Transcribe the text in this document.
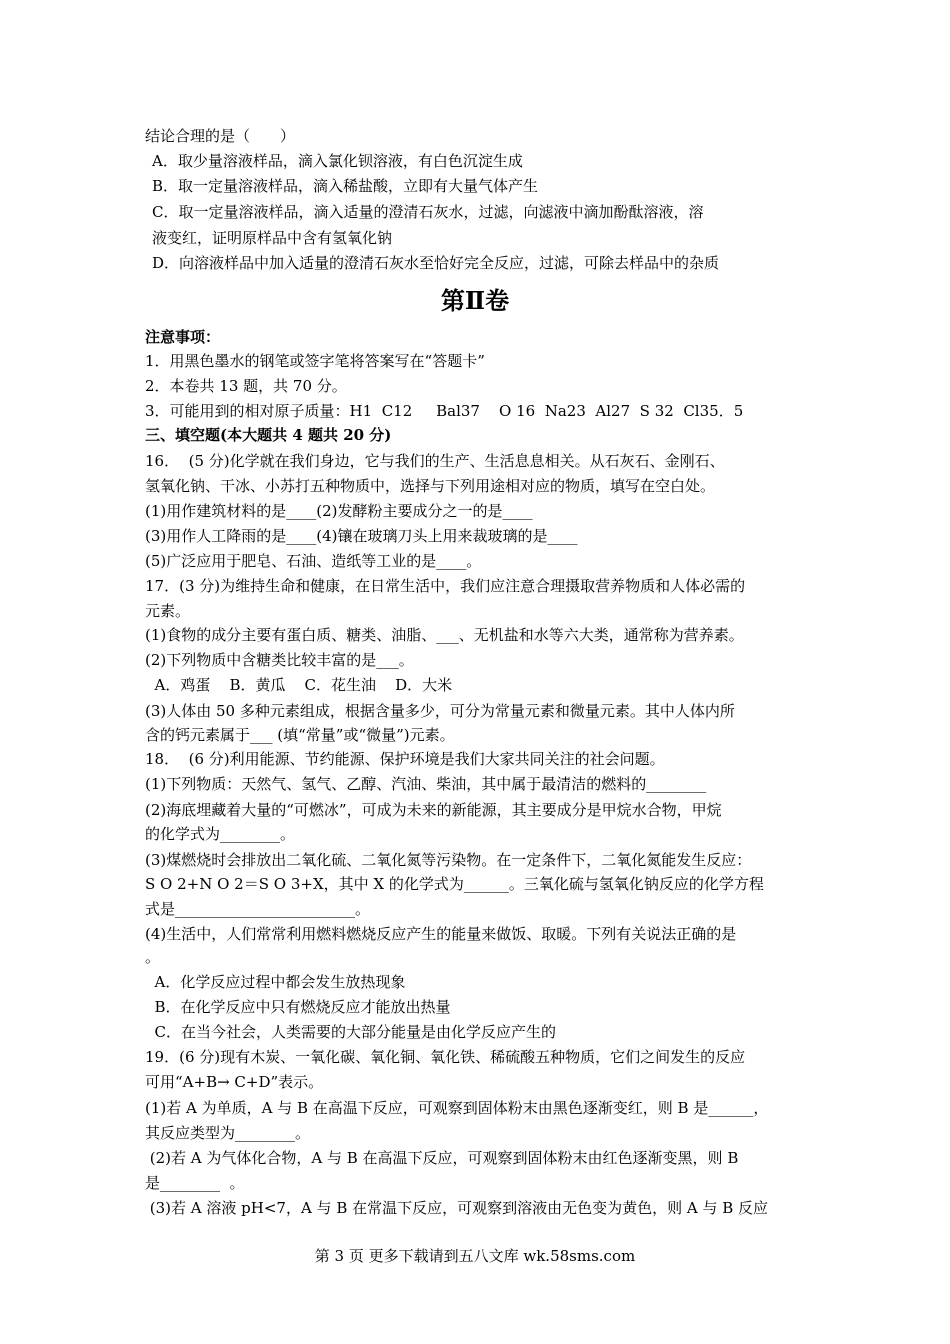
结论合理的是（　　）
A．取少量溶液样品，滴入氯化钡溶液，有白色沉淀生成
B．取一定量溶液样品，滴入稀盐酸，立即有大量气体产生
C．取一定量溶液样品，滴入适量的澄清石灰水，过滤，向滤液中滴加酚酞溶液，溶
液变红，证明原样品中含有氢氧化钠
D．向溶液样品中加入适量的澄清石灰水至恰好完全反应，过滤，可除去样品中的杂质
第Ⅱ卷
注意事项：
1．用黑色墨水的钢笔或签字笔将答案写在“答题卡”
2．本卷共 13 题，共 70 分。
3．可能用到的相对原子质量：H1  C12     Bal37    O 16  Na23  Al27  S 32  Cl35．5
三、填空题(本大题共 4 题共 20 分)
16．  (5 分)化学就在我们身边，它与我们的生产、生活息息相关。从石灰石、金刚石、
氢氧化钠、干冰、小苏打五种物质中，选择与下列用途相对应的物质，填写在空白处。
(1)用作建筑材料的是____(2)发酵粉主要成分之一的是____
(3)用作人工降雨的是____(4)镶在玻璃刀头上用来裁玻璃的是____
(5)广泛应用于肥皂、石油、造纸等工业的是____。
17．(3 分)为维持生命和健康，在日常生活中，我们应注意合理摄取营养物质和人体必需的
元素。
(1)食物的成分主要有蛋白质、糖类、油脂、___、无机盐和水等六大类，通常称为营养素。
(2)下列物质中含糖类比较丰富的是___。
A．鸡蛋    B．黄瓜    C．花生油    D．大米
(3)人体由 50 多种元素组成，根据含量多少，可分为常量元素和微量元素。其中人体内所
含的钙元素属于___ (填“常量”或“微量”)元素。
18．  (6 分)利用能源、节约能源、保护环境是我们大家共同关注的社会问题。
(1)下列物质：天然气、氢气、乙醇、汽油、柴油，其中属于最清洁的燃料的________
(2)海底埋藏着大量的“可燃冰”，可成为未来的新能源，其主要成分是甲烷水合物，甲烷
的化学式为________。
(3)煤燃烧时会排放出二氧化硫、二氧化氮等污染物。在一定条件下，二氧化氮能发生反应：
S O 2+N O 2＝S O 3+X，其中 X 的化学式为______。三氧化硫与氢氧化钠反应的化学方程
式是________________________。
(4)生活中，人们常常利用燃料燃烧反应产生的能量来做饭、取暖。下列有关说法正确的是
。
A．化学反应过程中都会发生放热现象
B．在化学反应中只有燃烧反应才能放出热量
C．在当今社会，人类需要的大部分能量是由化学反应产生的
19．(6 分)现有木炭、一氧化碳、氧化铜、氧化铁、稀硫酸五种物质，它们之间发生的反应
可用“A+B→ C+D”表示。
(1)若 A 为单质，A 与 B 在高温下反应，可观察到固体粉末由黑色逐渐变红，则 B 是______，
其反应类型为________。
(2)若 A 为气体化合物，A 与 B 在高温下反应，可观察到固体粉末由红色逐渐变黑，则 B
是________  。
(3)若 A 溶液 pH<7，A 与 B 在常温下反应，可观察到溶液由无色变为黄色，则 A 与 B 反应
第 3 页 更多下载请到五八文库 wk.58sms.com
